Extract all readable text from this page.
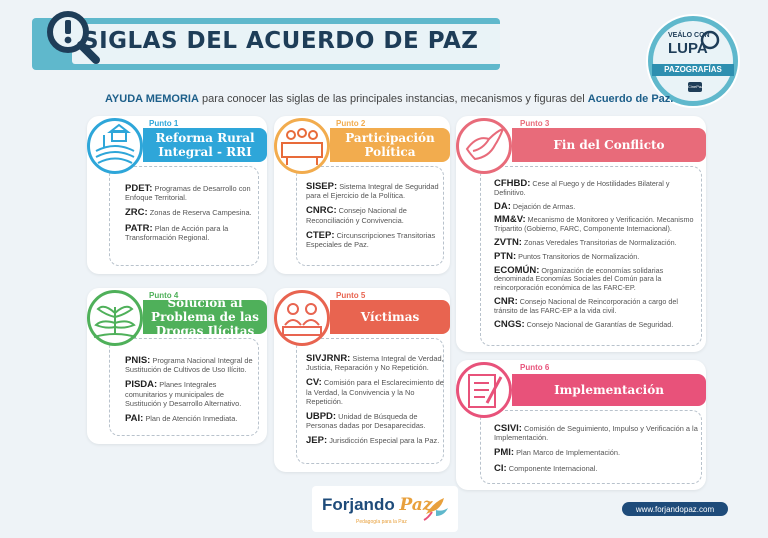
SIGLAS DEL ACUERDO DE PAZ	VEÁLO CON
LUPA
PAZOGRAFÍAS
CinePaz
AYUDA MEMORIA para conocer las siglas de las principales instancias, mecanismos y figuras del Acuerdo de Paz.
Punto 1
Reforma Rural Integral - RRI
PDET: Programas de Desarrollo con Enfoque Territorial.
ZRC: Zonas de Reserva Campesina.
PATR: Plan de Acción para la Transformación Regional.
Punto 2
Participación Política
SISEP: Sistema Integral de Seguridad para el Ejercicio de la Política.
CNRC: Consejo Nacional de Reconciliación y Convivencia.
CTEP: Circunscripciones Transitorias Especiales de Paz.
Punto 3
Fin del Conflicto
CFHBD: Cese al Fuego y de Hostilidades Bilateral y Definitivo.
DA: Dejación de Armas.
MM&V: Mecanismo de Monitoreo y Verificación. Mecanismo Tripartito (Gobierno, FARC, Componente Internacional).
ZVTN: Zonas Veredales Transitorias de Normalización.
PTN: Puntos Transitorios de Normalización.
ECOMÚN: Organización de economías solidarias denominada Economías Sociales del Común para la reincorporación económica de las FARC-EP.
CNR: Consejo Nacional de Reincorporación a cargo del tránsito de las FARC-EP a la vida civil.
CNGS: Consejo Nacional de Garantías de Seguridad.
Punto 4
Solución al Problema de las Drogas Ilícitas
PNIS: Programa Nacional Integral de Sustitución de Cultivos de Uso Ilícito.
PISDA: Planes Integrales comunitarios y municipales de Sustitución y Desarrollo Alternativo.
PAI: Plan de Atención Inmediata.
Punto 5
Víctimas
SIVJRNR: Sistema Integral de Verdad, Justicia, Reparación y No Repetición.
CV: Comisión para el Esclarecimiento de la Verdad, la Convivencia y la No Repetición.
UBPD: Unidad de Búsqueda de Personas dadas por Desaparecidas.
JEP: Jurisdicción Especial para la Paz.
Punto 6
Implementación
CSIVI: Comisión de Seguimiento, Impulso y Verificación a la Implementación.
PMI: Plan Marco de Implementación.
CI: Componente Internacional.
Forjando Paz
Pedagogía para la Paz
www.forjandopaz.com
